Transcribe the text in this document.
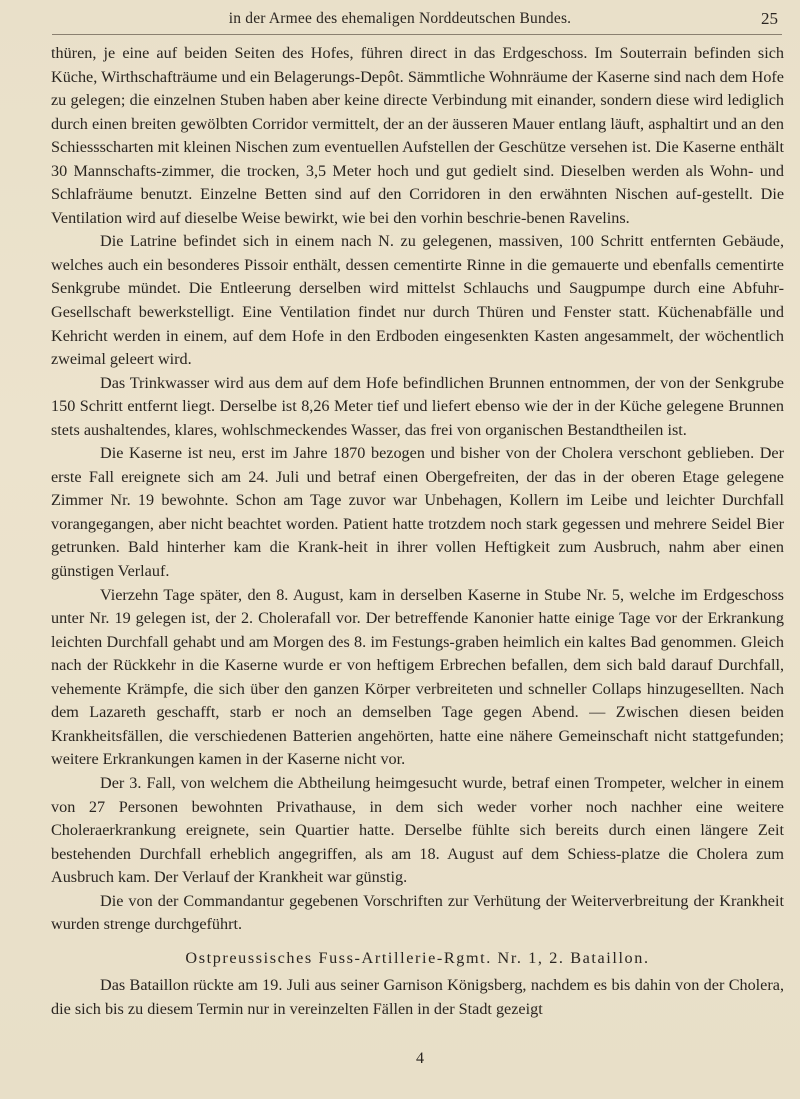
in der Armee des ehemaligen Norddeutschen Bundes.	25

thüren, je eine auf beiden Seiten des Hofes, führen direct in das Erdgeschoss. Im Souterrain befinden sich Küche, Wirthschafträume und ein Belagerungs-Depôt. Sämmtliche Wohnräume der Kaserne sind nach dem Hofe zu gelegen; die einzelnen Stuben haben aber keine directe Verbindung mit einander, sondern diese wird lediglich durch einen breiten gewölbten Corridor vermittelt, der an der äusseren Mauer entlang läuft, asphaltirt und an den Schiessscharten mit kleinen Nischen zum eventuellen Aufstellen der Geschütze versehen ist. Die Kaserne enthält 30 Mannschafts-zimmer, die trocken, 3,5 Meter hoch und gut gedielt sind. Dieselben werden als Wohn- und Schlafräume benutzt. Einzelne Betten sind auf den Corridoren in den erwähnten Nischen auf-gestellt. Die Ventilation wird auf dieselbe Weise bewirkt, wie bei den vorhin beschrie-benen Ravelins.

Die Latrine befindet sich in einem nach N. zu gelegenen, massiven, 100 Schritt entfernten Gebäude, welches auch ein besonderes Pissoir enthält, dessen cementirte Rinne in die gemauerte und ebenfalls cementirte Senkgrube mündet. Die Entleerung derselben wird mittelst Schlauchs und Saugpumpe durch eine Abfuhr-Gesellschaft bewerkstelligt. Eine Ventilation findet nur durch Thüren und Fenster statt. Küchenabfälle und Kehricht werden in einem, auf dem Hofe in den Erdboden eingesenkten Kasten angesammelt, der wöchentlich zweimal geleert wird.

Das Trinkwasser wird aus dem auf dem Hofe befindlichen Brunnen entnommen, der von der Senkgrube 150 Schritt entfernt liegt. Derselbe ist 8,26 Meter tief und liefert ebenso wie der in der Küche gelegene Brunnen stets aushaltendes, klares, wohlschmeckendes Wasser, das frei von organischen Bestandtheilen ist.

Die Kaserne ist neu, erst im Jahre 1870 bezogen und bisher von der Cholera verschont geblieben. Der erste Fall ereignete sich am 24. Juli und betraf einen Obergefreiten, der das in der oberen Etage gelegene Zimmer Nr. 19 bewohnte. Schon am Tage zuvor war Unbehagen, Kollern im Leibe und leichter Durchfall vorangegangen, aber nicht beachtet worden. Patient hatte trotzdem noch stark gegessen und mehrere Seidel Bier getrunken. Bald hinterher kam die Krank-heit in ihrer vollen Heftigkeit zum Ausbruch, nahm aber einen günstigen Verlauf.

Vierzehn Tage später, den 8. August, kam in derselben Kaserne in Stube Nr. 5, welche im Erdgeschoss unter Nr. 19 gelegen ist, der 2. Cholerafall vor. Der betreffende Kanonier hatte einige Tage vor der Erkrankung leichten Durchfall gehabt und am Morgen des 8. im Festungs-graben heimlich ein kaltes Bad genommen. Gleich nach der Rückkehr in die Kaserne wurde er von heftigem Erbrechen befallen, dem sich bald darauf Durchfall, vehemente Krämpfe, die sich über den ganzen Körper verbreiteten und schneller Collaps hinzugesellten. Nach dem Lazareth geschafft, starb er noch an demselben Tage gegen Abend. — Zwischen diesen beiden Krankheitsfällen, die verschiedenen Batterien angehörten, hatte eine nähere Gemeinschaft nicht stattgefunden; weitere Erkrankungen kamen in der Kaserne nicht vor.

Der 3. Fall, von welchem die Abtheilung heimgesucht wurde, betraf einen Trompeter, welcher in einem von 27 Personen bewohnten Privathause, in dem sich weder vorher noch nachher eine weitere Choleraerkrankung ereignete, sein Quartier hatte. Derselbe fühlte sich bereits durch einen längere Zeit bestehenden Durchfall erheblich angegriffen, als am 18. August auf dem Schiess-platze die Cholera zum Ausbruch kam. Der Verlauf der Krankheit war günstig.

Die von der Commandantur gegebenen Vorschriften zur Verhütung der Weiterverbreitung der Krankheit wurden strenge durchgeführt.

Ostpreussisches Fuss-Artillerie-Rgmt. Nr. 1, 2. Bataillon.

Das Bataillon rückte am 19. Juli aus seiner Garnison Königsberg, nachdem es bis dahin von der Cholera, die sich bis zu diesem Termin nur in vereinzelten Fällen in der Stadt gezeigt

4
